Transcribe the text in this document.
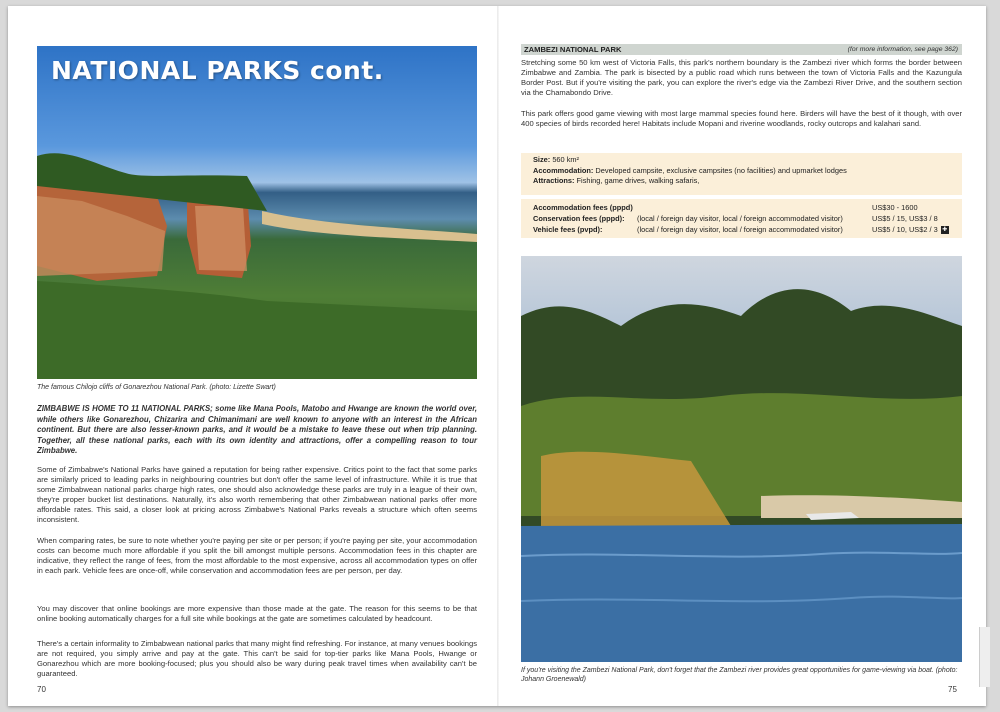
NATIONAL PARKS cont.
The famous Chilojo cliffs of Gonarezhou National Park. (photo: Lizette Swart)
ZIMBABWE IS HOME TO 11 NATIONAL PARKS; some like Mana Pools, Matobo and Hwange are known the world over, while others like Gonarezhou, Chizarira and Chimanimani are well known to anyone with an interest in the African continent. But there are also lesser-known parks, and it would be a mistake to leave these out when trip planning. Together, all these national parks, each with its own identity and attractions, offer a compelling reason to tour Zimbabwe.
Some of Zimbabwe's National Parks have gained a reputation for being rather expensive. Critics point to the fact that some parks are similarly priced to leading parks in neighbouring countries but don't offer the same level of infrastructure. While it is true that some Zimbabwean national parks charge high rates, one should also acknowledge these parks are truly in a league of their own, they're proper bucket list destinations. Naturally, it's also worth remembering that other Zimbabwean national parks offer more affordable rates. This said, a closer look at pricing across Zimbabwe's National Parks reveals a structure which often seems inconsistent.
When comparing rates, be sure to note whether you're paying per site or per person; if you're paying per site, your accommodation costs can become much more affordable if you split the bill amongst multiple persons. Accommodation fees in this chapter are indicative, they reflect the range of fees, from the most affordable to the most expensive, across all accommodation types on offer in each park. Vehicle fees are once-off, while conservation and accommodation fees are per person, per day.
You may discover that online bookings are more expensive than those made at the gate. The reason for this seems to be that online booking automatically charges for a full site while bookings at the gate are sometimes calculated by headcount.
There's a certain informality to Zimbabwean national parks that many might find refreshing. For instance, at many venues bookings are not required, you simply arrive and pay at the gate. This can't be said for top-tier parks like Mana Pools, Hwange or Gonarezhou which are more booking-focused; plus you should also be wary during peak travel times when availability can't be guaranteed.
70
ZAMBEZI NATIONAL PARK	(for more information, see page 362)
Stretching some 50 km west of Victoria Falls, this park's northern boundary is the Zambezi river which forms the border between Zimbabwe and Zambia. The park is bisected by a public road which runs between the town of Victoria Falls and the Kazungula Border Post. But if you're visiting the park, you can explore the river's edge via the Zambezi River Drive, and the southern section via the Chamabondo Drive.
This park offers good game viewing with most large mammal species found here. Birders will have the best of it though, with over 400 species of birds recorded here! Habitats include Mopani and riverine woodlands, rocky outcrops and kalahari sand.
Size: 560 km²
Accommodation: Developed campsite, exclusive campsites (no facilities) and upmarket lodges
Attractions: Fishing, game drives, walking safaris,
Accommodation fees (pppd)	US$30 - 1600
Conservation fees (pppd): (local / foreign day visitor, local / foreign accommodated visitor)	US$5 / 15, US$3 / 8
Vehicle fees (pvpd):	(local / foreign day visitor, local / foreign accommodated visitor)	US$5 / 10, US$2 / 3 ✚
If you're visiting the Zambezi National Park, don't forget that the Zambezi river provides great opportunities for game-viewing via boat. (photo: Johann Groenewald)
75
